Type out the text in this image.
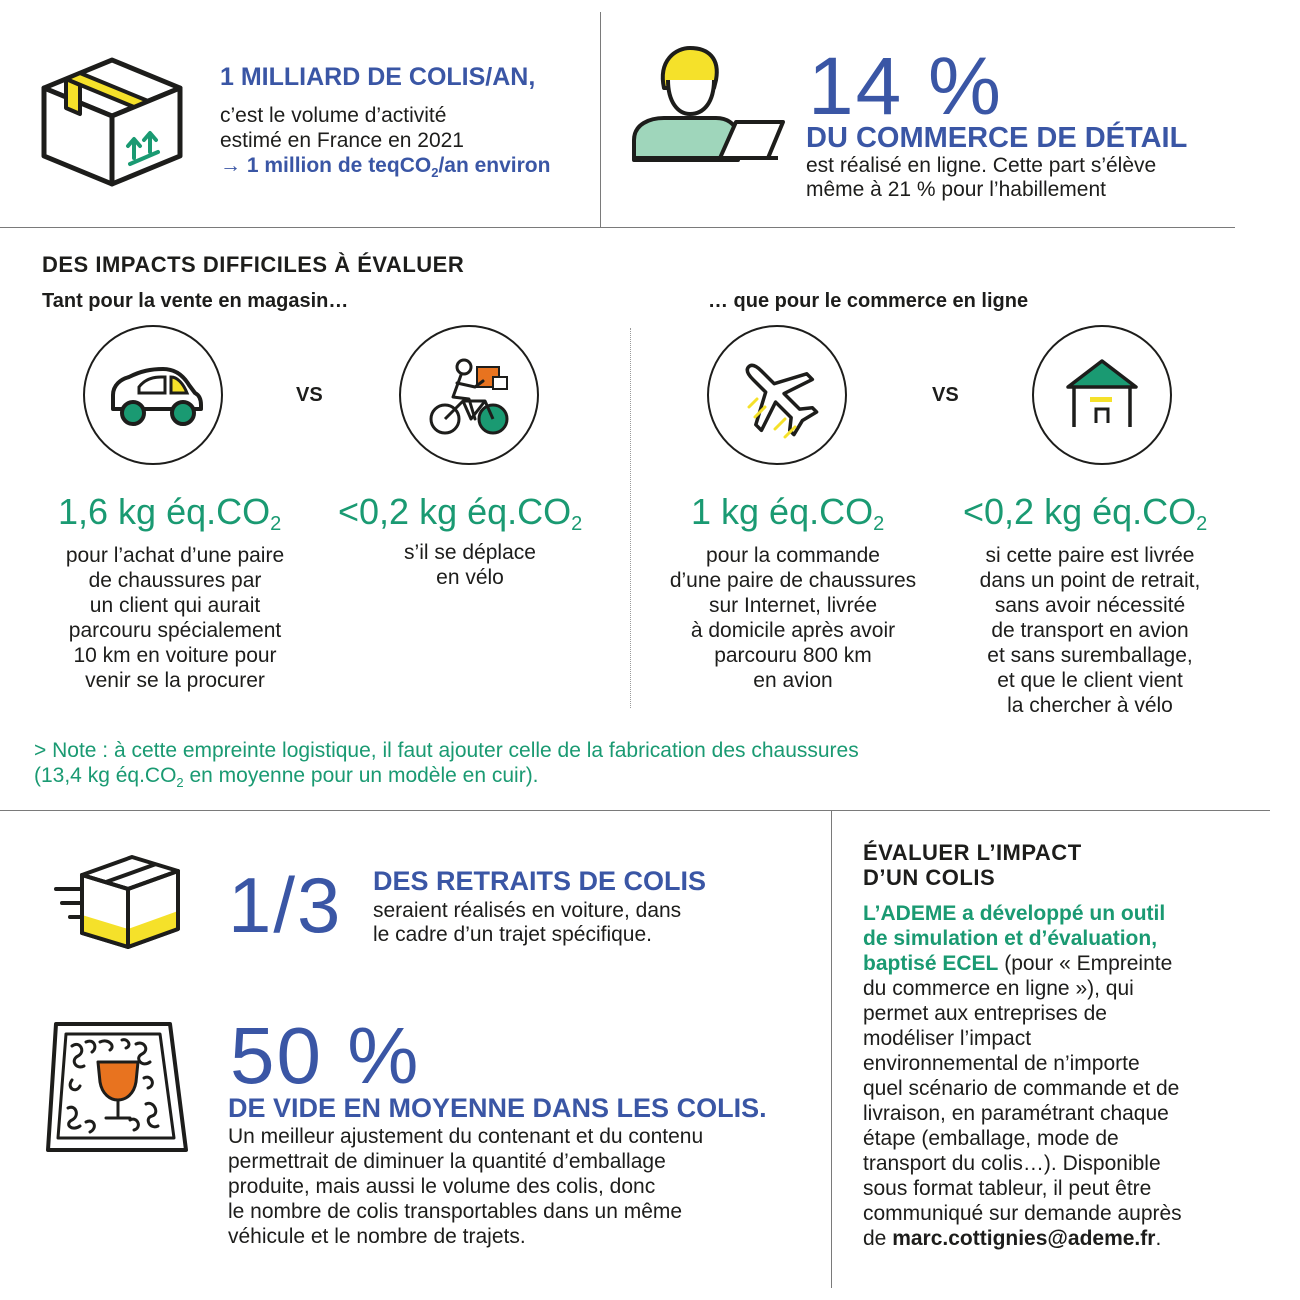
1 MILLIARD DE COLIS/AN,
c’est le volume d’activité
estimé en France en 2021
→ 1 million de teqCO$_2$/an environ
14 %
DU COMMERCE DE DÉTAIL
est réalisé en ligne. Cette part s’élève
même à 21 % pour l’habillement
DES IMPACTS DIFFICILES À ÉVALUER
Tant pour la vente en magasin…	… que pour le commerce en ligne
VS	VS
1,6 kg $éq.CO_2 <0,2$ kg $éq.CO_2$	1 kg $éq.CO_2 <0,2$ kg $éq.CO_2$
pour l’achat d’une paire
de chaussures par
un client qui aurait
parcouru spécialement
10 km en voiture pour
venir se la procurer
s’il se déplace
en vélo
pour la commande
d’une paire de chaussures
sur Internet, livrée
à domicile après avoir
parcouru 800 km
en avion
si cette paire est livrée
dans un point de retrait,
sans avoir nécessité
de transport en avion
et sans suremballage,
et que le client vient
la chercher à vélo
> Note : à cette empreinte logistique, il faut ajouter celle de la fabrication des chaussures
(13,4 kg $éq.CO_2$ en moyenne pour un modèle en cuir).
1/3 DES RETRAITS DE COLIS
seraient réalisés en voiture, dans
le cadre d’un trajet spécifique.
50 %
DE VIDE EN MOYENNE DANS LES COLIS.
Un meilleur ajustement du contenant et du contenu
permettrait de diminuer la quantité d’emballage
produite, mais aussi le volume des colis, donc
le nombre de colis transportables dans un même
véhicule et le nombre de trajets.
ÉVALUER L’IMPACT
D’UN COLIS
L’ADEME a développé un outil
de simulation et d’évaluation,
baptisé ECEL (pour « Empreinte
du commerce en ligne »), qui
permet aux entreprises de
modéliser l’impact
environnemental de n’importe
quel scénario de commande et de
livraison, en paramétrant chaque
étape (emballage, mode de
transport du colis…). Disponible
sous format tableur, il peut être
communiqué sur demande auprès
de marc.cottignies@ademe.fr.
